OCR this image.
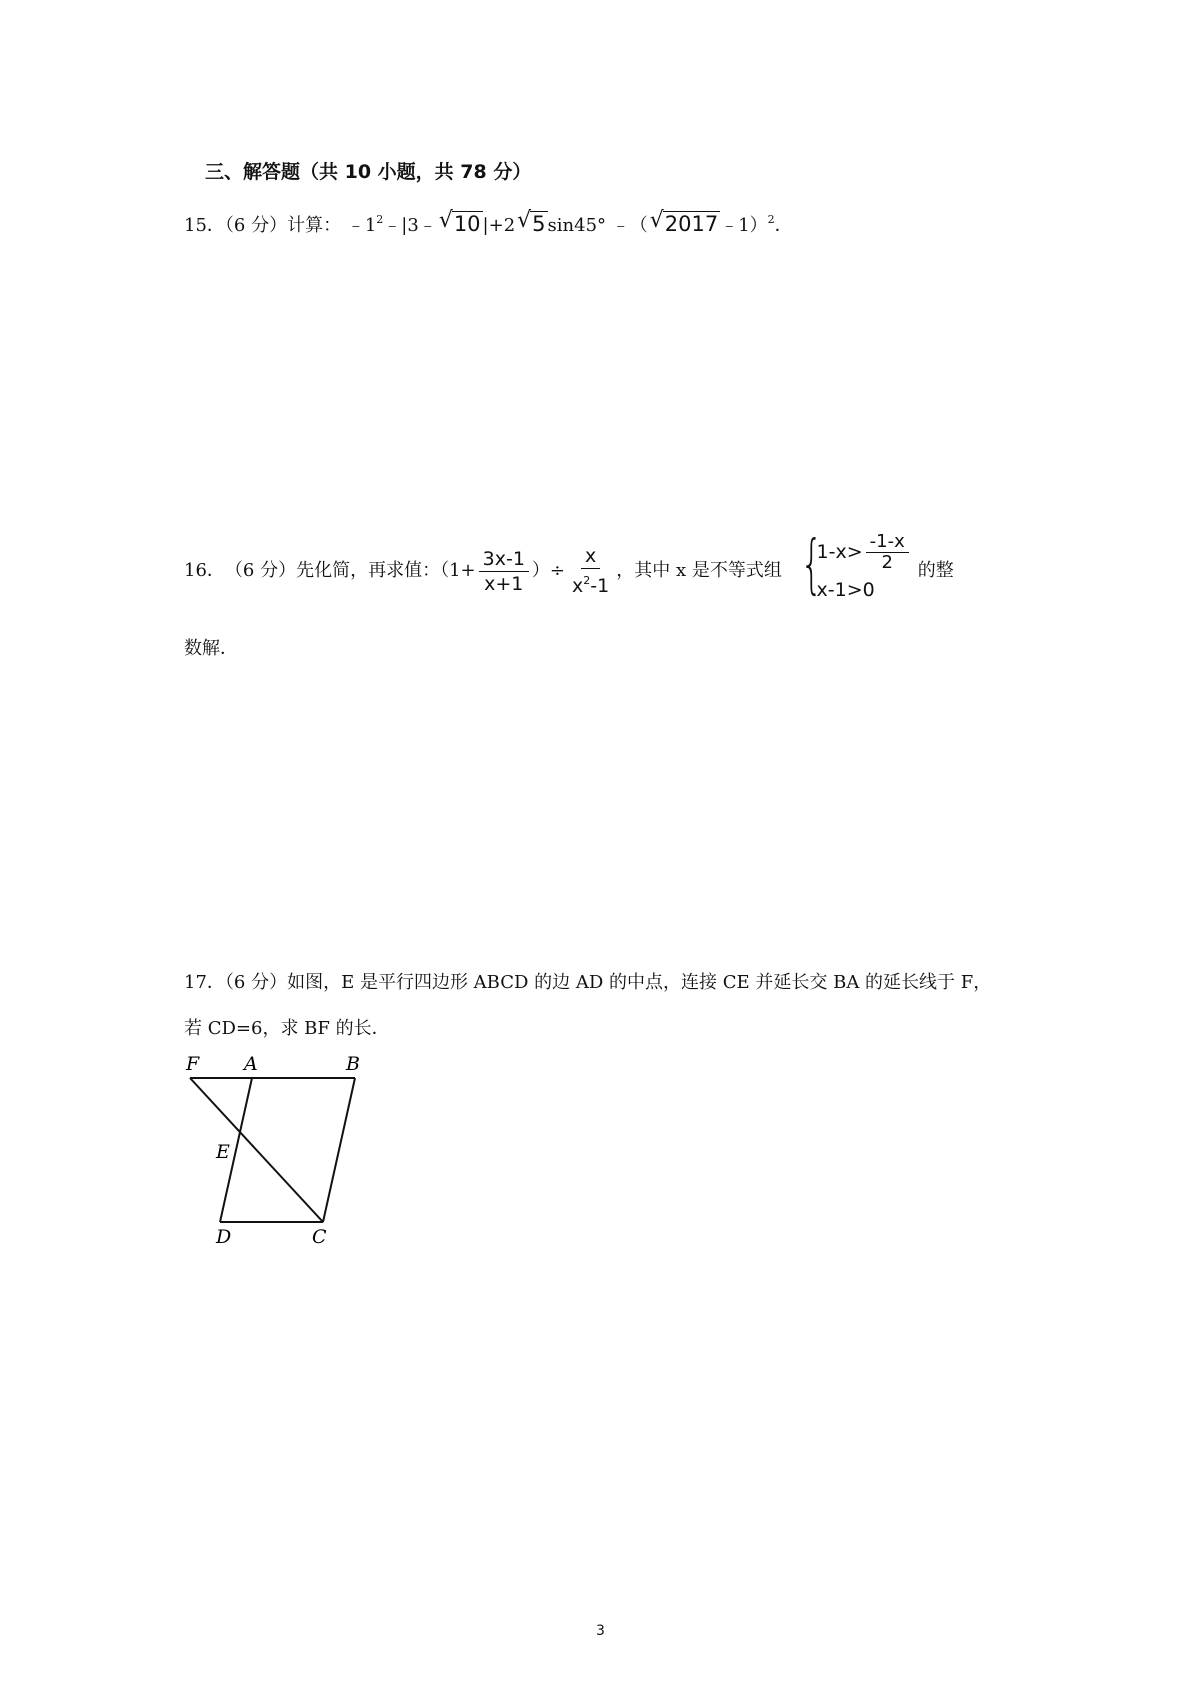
三、解答题（共 10 小题，共 78 分）
15．（6 分）计算： $﹣1^2﹣|3﹣$ √ 10 |+2 √ 5 sin45° ﹣（ √ 2017 ﹣1）$^2$．
16． （6 分） 先化简，再求值：（$1+ \frac{3x-1}{x+1}$ ）÷ $\frac{x}{x^2-1}$ ，其中 x 是不等式组 {
$1-x> \frac{-1-x}{2}$
x-1>0
的整
数解．
17．（6 分）如图，E 是平行四边形 ABCD 的边 AD 的中点，连接 CE 并延长交 BA 的延长线于 F，
若 CD=6，求 BF 的长．
F A	B
E
D	C
3
